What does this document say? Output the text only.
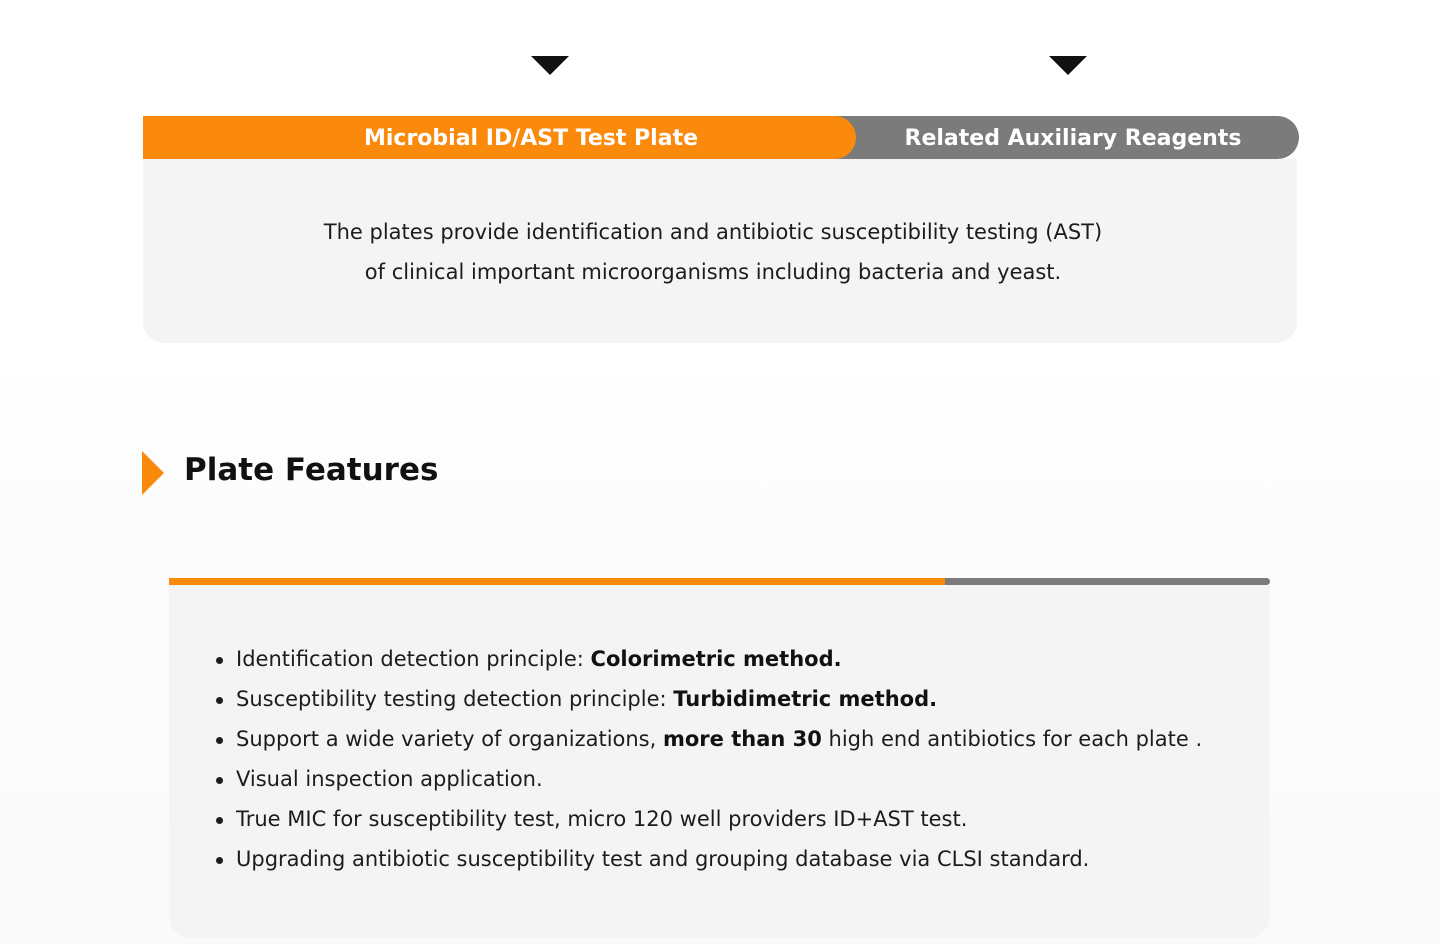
Microbial ID/AST Test Plate	Related Auxiliary Reagents
The plates provide identification and antibiotic susceptibility testing (AST)
of clinical important microorganisms including bacteria and yeast.
Plate Features
Identification detection principle: Colorimetric method.
Susceptibility testing detection principle: Turbidimetric method.
Support a wide variety of organizations, more than 30 high end antibiotics for each plate .
Visual inspection application.
True MIC for susceptibility test, micro 120 well providers ID+AST test.
Upgrading antibiotic susceptibility test and grouping database via CLSI standard.
